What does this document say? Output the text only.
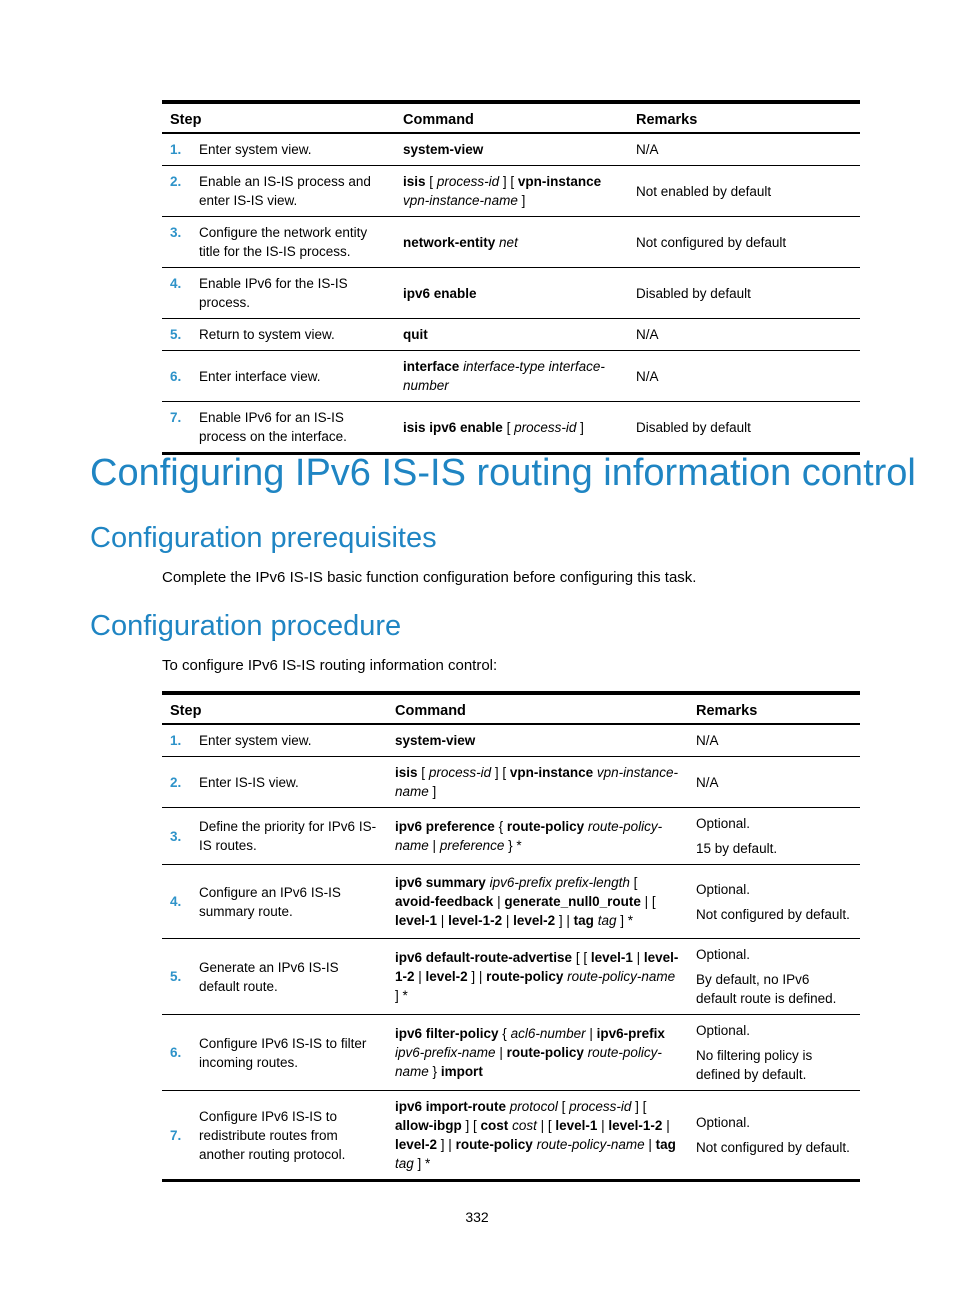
Step		Command	Remarks
1.	Enter system view.	system-view	N/A
2.	Enable an IS-IS process and enter IS-IS view.	isis [ process-id ] [ vpn-instance vpn-instance-name ]	Not enabled by default
3.	Configure the network entity title for the IS-IS process.	network-entity net	Not configured by default
4.	Enable IPv6 for the IS-IS process.	ipv6 enable	Disabled by default
5.	Return to system view.	quit	N/A
6.	Enter interface view.	interface interface-type interface-number	N/A
7.	Enable IPv6 for an IS-IS process on the interface.	isis ipv6 enable [ process-id ]	Disabled by default
Configuring IPv6 IS-IS routing information control
Configuration prerequisites

Complete the IPv6 IS-IS basic function configuration before configuring this task.

Configuration procedure

To configure IPv6 IS-IS routing information control:

Step		Command	Remarks
1.	Enter system view.	system-view	N/A

2.	Enter IS-IS view.	isis [ process-id ] [ vpn-instance vpn-instance-name ]	N/A

3.	Define the priority for IPv6 IS-IS routes.	ipv6 preference { route-policy route-policy-name | preference } *	Optional.

15 by default.

4.	Configure an IPv6 IS-IS summary route.	ipv6 summary ipv6-prefix prefix-length [ avoid-feedback | generate_null0_route | [ level-1 | level-1-2 | level-2 ] | tag tag ] *	Optional.

Not configured by default.

5.	Generate an IPv6 IS-IS default route.	ipv6 default-route-advertise [ [ level-1 | level-1-2 | level-2 ] | route-policy route-policy-name ] *	Optional.

By default, no IPv6 default route is defined.

6.	Configure IPv6 IS-IS to filter incoming routes.	ipv6 filter-policy { acl6-number | ipv6-prefix ipv6-prefix-name | route-policy route-policy-name } import	Optional.

No filtering policy is defined by default.

7.	Configure IPv6 IS-IS to redistribute routes from another routing protocol.	ipv6 import-route protocol [ process-id ] [ allow-ibgp ] [ cost cost | [ level-1 | level-1-2 | level-2 ] | route-policy route-policy-name | tag tag ] *	Optional.

Not configured by default.

332
